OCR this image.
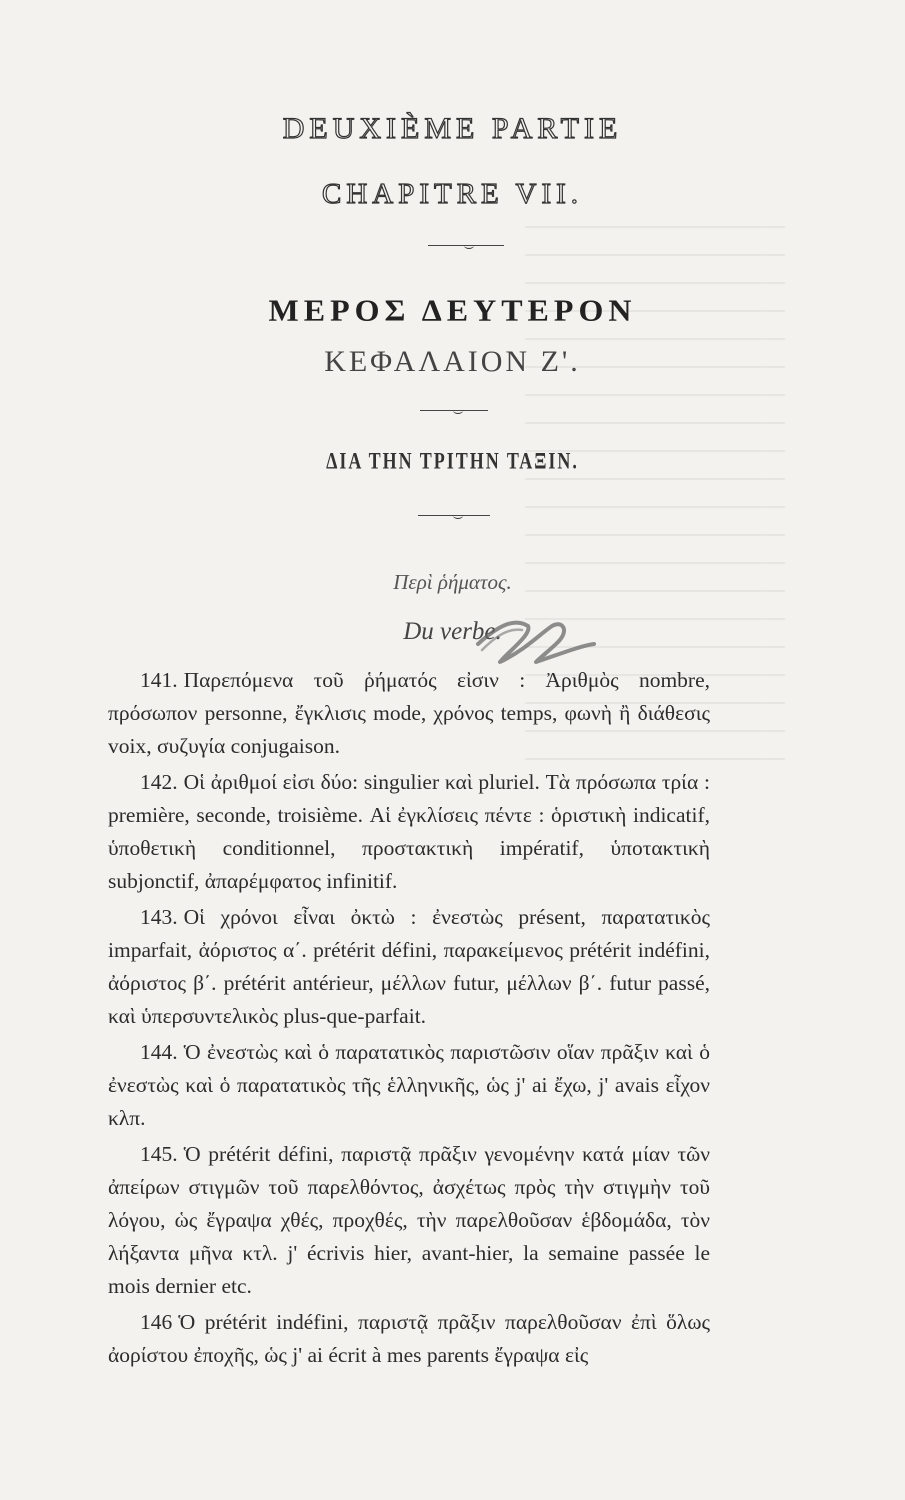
DEUXIÈME PARTIE
CHAPITRE VII.
ΜΕΡΟΣ ΔΕΥΤΕΡΟΝ
ΚΕΦΑΛΑΙΟΝ Ζ'.
ΔΙΑ ΤΗΝ ΤΡΙΤΗΝ ΤΑΞΙΝ.
Περὶ ῥήματος.
Du verbe.

141. Παρεπόμενα τοῦ ῥήματός εἰσιν : Ἀριθμὸς nombre, πρόσωπον personne, ἔγκλισις mode, χρόνος temps, φωνὴ ἢ διάθεσις voix, συζυγία conjugaison.

142. Οἱ ἀριθμοί εἰσι δύο: singulier καὶ pluriel. Τὰ πρόσωπα τρία : première, seconde, troisième. Αἱ ἐγκλίσεις πέντε : ὁριστικὴ indicatif, ὑποθετικὴ conditionnel, προστακτικὴ impératif, ὑποτακτικὴ subjonctif, ἀπαρέμφατος infinitif.

143. Οἱ χρόνοι εἶναι ὀκτὼ : ἐνεστὼς présent, παρατατικὸς imparfait, ἀόριστος α΄. prétérit défini, παρακείμενος prétérit indéfini, ἀόριστος β΄. prétérit antérieur, μέλλων futur, μέλλων β΄. futur passé, καὶ ὑπερσυντελικὸς plus-que-parfait.

144. Ὁ ἐνεστὼς καὶ ὁ παρατατικὸς παριστῶσιν οἵαν πρᾶξιν καὶ ὁ ἐνεστὼς καὶ ὁ παρατατικὸς τῆς ἑλληνικῆς, ὡς j' ai ἔχω, j' avais εἶχον κλπ.

145. Ὁ prétérit défini, παριστᾷ πρᾶξιν γενομένην κατά μίαν τῶν ἀπείρων στιγμῶν τοῦ παρελθόντος, ἀσχέτως πρὸς τὴν στιγμὴν τοῦ λόγου, ὡς ἔγραψα χθές, προχθές, τὴν παρελθοῦσαν ἑβδομάδα, τὸν λήξαντα μῆνα κτλ. j' écrivis hier, avant-hier, la semaine passée le mois dernier etc.

146 Ὁ prétérit indéfini, παριστᾷ πρᾶξιν παρελθοῦσαν ἐπὶ ὅλως ἀορίστου ἐποχῆς, ὡς j' ai écrit à mes parents ἔγραψα εἰς
